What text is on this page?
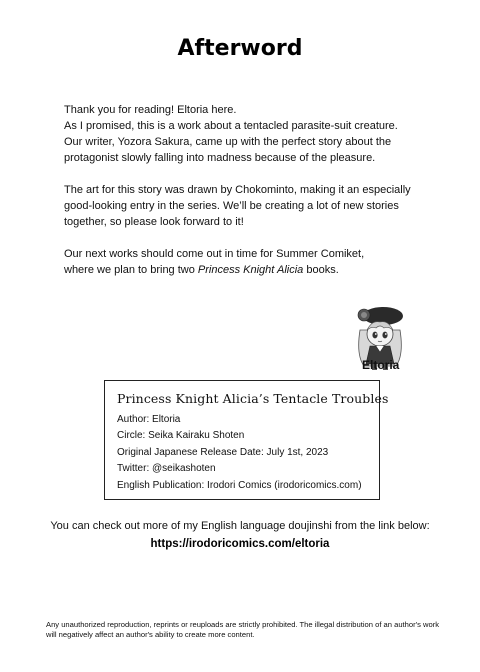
Afterword
Thank you for reading! Eltoria here.
As I promised, this is a work about a tentacled parasite-suit creature.
Our writer, Yozora Sakura, came up with the perfect story about the
protagonist slowly falling into madness because of the pleasure.
The art for this story was drawn by Chokominto, making it an especially
good-looking entry in the series. We’ll be creating a lot of new stories
together, so please look forward to it!
Our next works should come out in time for Summer Comiket,
where we plan to bring two Princess Knight Alicia books.
Eltoria
Princess Knight Alicia’s Tentacle Troubles
Author: Eltoria
Circle: Seika Kairaku Shoten
Original Japanese Release Date: July 1st, 2023
Twitter: @seikashoten
English Publication: Irodori Comics (irodoricomics.com)
You can check out more of my English language doujinshi from the link below:
https://irodoricomics.com/eltoria
Any unauthorized reproduction, reprints or reuploads are strictly prohibited. The illegal distribution of an author's work will negatively affect an author's ability to create more content.
